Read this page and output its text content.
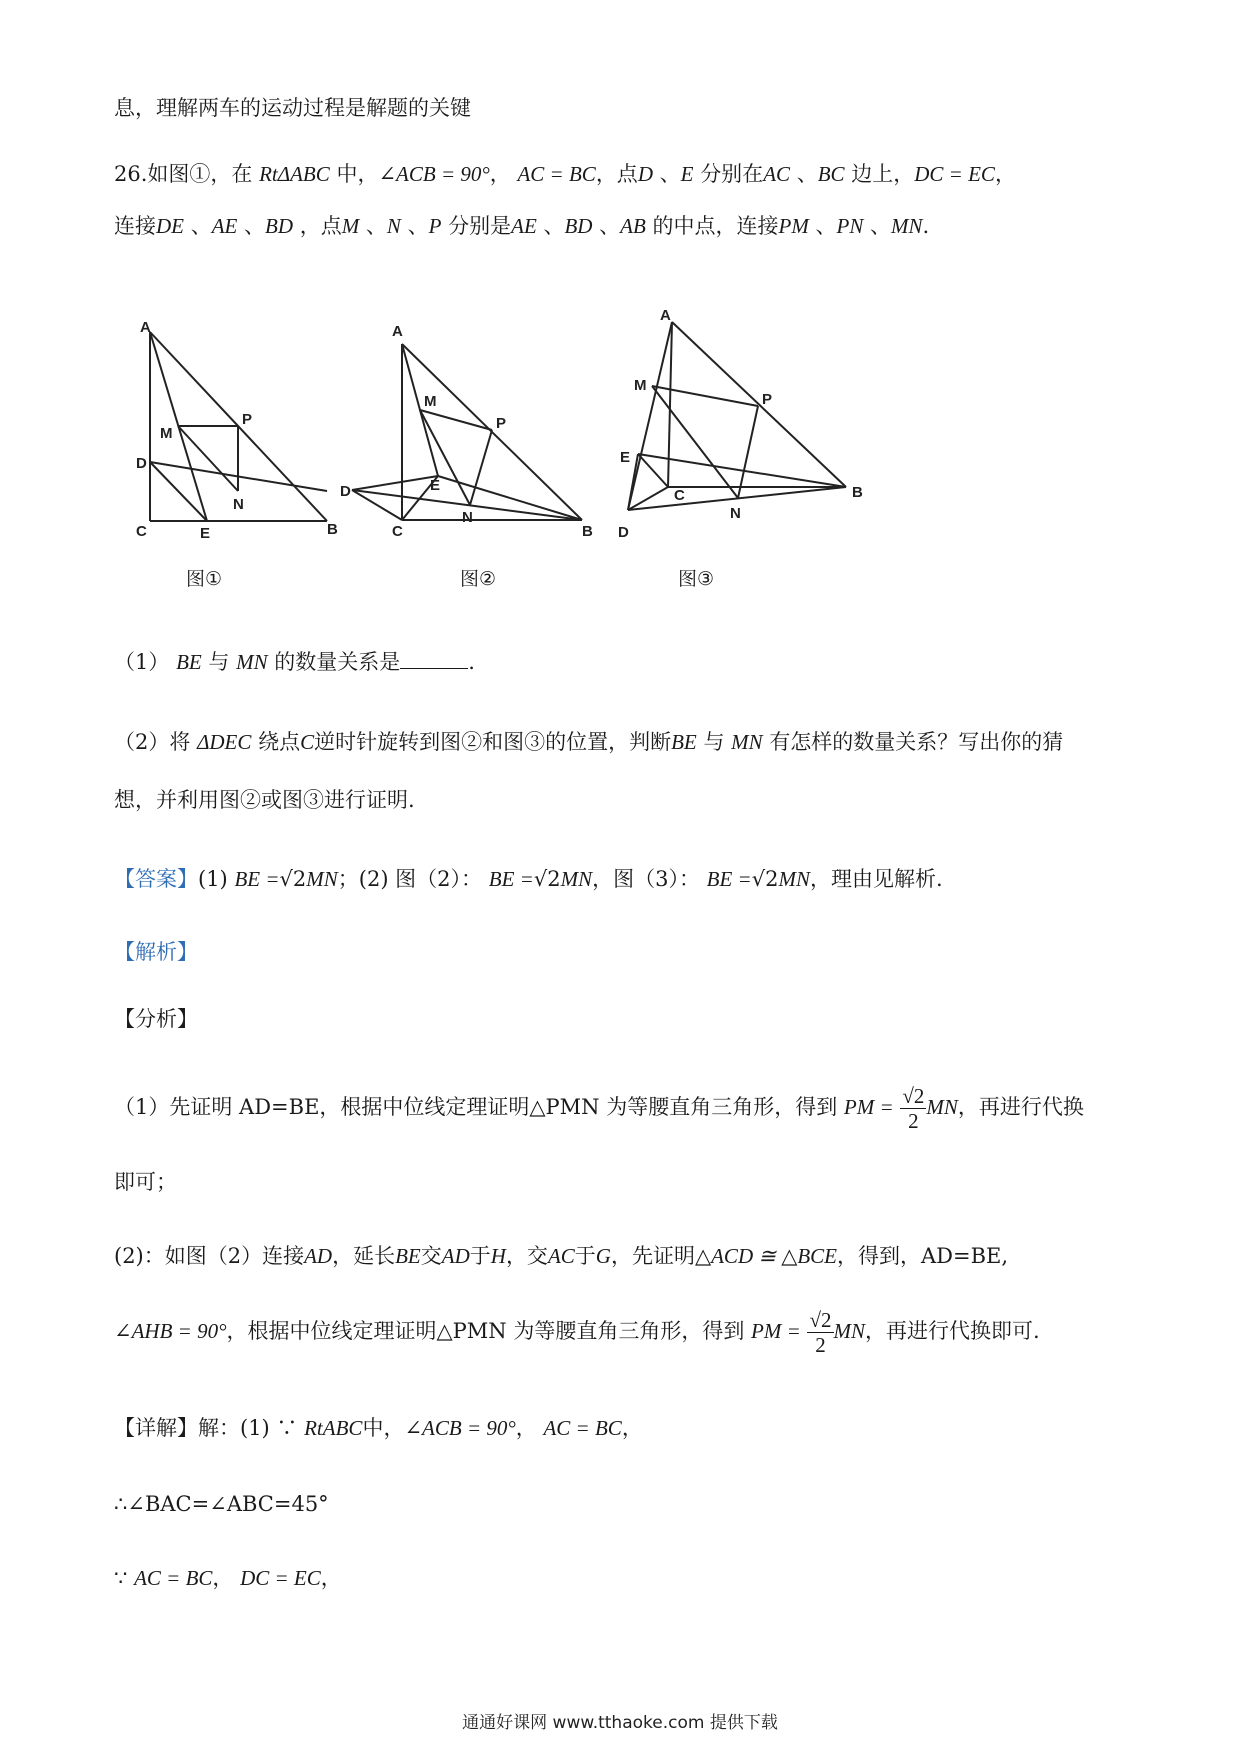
息，理解两车的运动过程是解题的关键
26.如图①，在 RtΔABC 中，∠ACB = 90°， AC = BC，点D 、E 分别在AC 、BC 边上，DC = EC，
连接DE 、AE 、BD ，点M 、N 、P 分别是AE 、BD 、AB 的中点，连接PM 、PN 、MN.
A
D
C	E
M
P
N
B
图①
A
M
P
D	E
C
N
B
图②
A
M
P
E
C	B
D
N
图③
（1） BE 与 MN 的数量关系是	.
（2）将 ΔDEC 绕点C逆时针旋转到图②和图③的位置，判断BE 与 MN 有怎样的数量关系？写出你的猜
想，并利用图②或图③进行证明.
【答案】(1) BE =√2MN；(2) 图（2）： BE =√2MN，图（3）： BE =√2MN，理由见解析.
【解析】
【分析】
（1）先证明 AD=BE，根据中位线定理证明△PMN 为等腰直角三角形，得到 PM = $\frac{√2}{2}$ MN，再进行代换
即可；
(2)：如图（2）连接AD，延长BE交AD于H，交AC于G，先证明△ACD ≅ △BCE，得到，AD=BE,
∠AHB = 90°，根据中位线定理证明△PMN 为等腰直角三角形，得到 PM = $\frac{√2}{2}$ MN，再进行代换即可.
【详解】解：(1) ∵ RtABC中，∠ACB = 90°， AC = BC，
∴∠BAC=∠ABC=45°
∵ AC = BC， DC = EC，
通通好课网 www.tthaoke.com 提供下载
